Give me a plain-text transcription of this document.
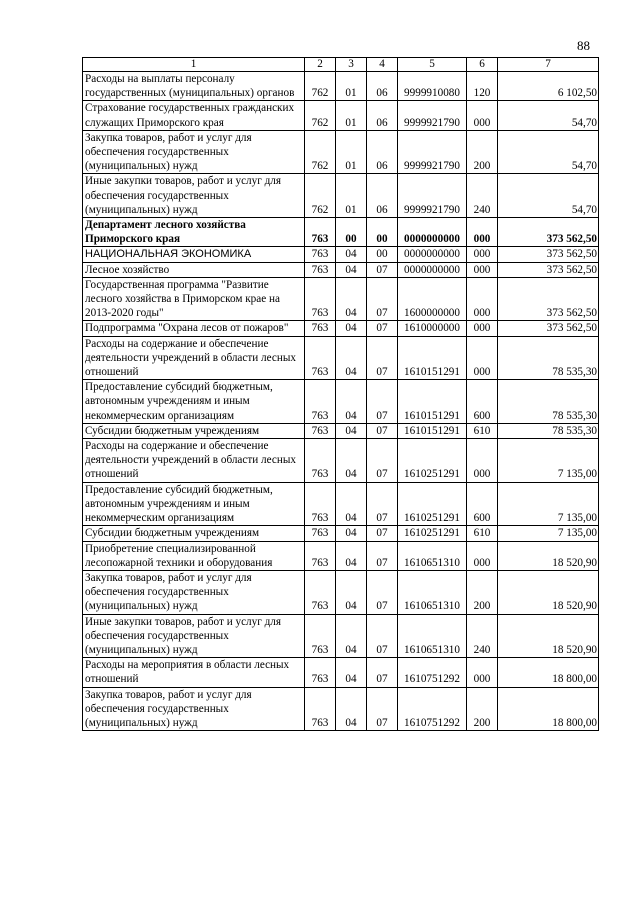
88
1	2	3	4	5	6	7
Расходы на выплаты персоналу государственных (муниципальных) органов	762	01	06	9999910080	120	6 102,50
Страхование государственных гражданских служащих Приморского края	762	01	06	9999921790	000	54,70
Закупка товаров, работ и услуг для обеспечения государственных (муниципальных) нужд	762	01	06	9999921790	200	54,70
Иные закупки товаров, работ и услуг для обеспечения государственных (муниципальных) нужд	762	01	06	9999921790	240	54,70
Департамент лесного хозяйства Приморского края	763	00	00	0000000000	000	373 562,50
НАЦИОНАЛЬНАЯ ЭКОНОМИКА	763	04	00	0000000000	000	373 562,50
Лесное хозяйство	763	04	07	0000000000	000	373 562,50
Государственная программа "Развитие лесного хозяйства в Приморском крае на 2013-2020 годы"	763	04	07	1600000000	000	373 562,50
Подпрограмма "Охрана лесов от пожаров"	763	04	07	1610000000	000	373 562,50
Расходы на содержание и обеспечение деятельности учреждений в области лесных отношений	763	04	07	1610151291	000	78 535,30
Предоставление субсидий бюджетным, автономным учреждениям и иным некоммерческим организациям	763	04	07	1610151291	600	78 535,30
Субсидии бюджетным учреждениям	763	04	07	1610151291	610	78 535,30
Расходы на содержание и обеспечение деятельности учреждений в области лесных отношений	763	04	07	1610251291	000	7 135,00
Предоставление субсидий бюджетным, автономным учреждениям и иным некоммерческим организациям	763	04	07	1610251291	600	7 135,00
Субсидии бюджетным учреждениям	763	04	07	1610251291	610	7 135,00
Приобретение специализированной лесопожарной техники и оборудования	763	04	07	1610651310	000	18 520,90
Закупка товаров, работ и услуг для обеспечения государственных (муниципальных) нужд	763	04	07	1610651310	200	18 520,90
Иные закупки товаров, работ и услуг для обеспечения государственных (муниципальных) нужд	763	04	07	1610651310	240	18 520,90
Расходы на мероприятия в области лесных отношений	763	04	07	1610751292	000	18 800,00
Закупка товаров, работ и услуг для обеспечения государственных (муниципальных) нужд	763	04	07	1610751292	200	18 800,00
